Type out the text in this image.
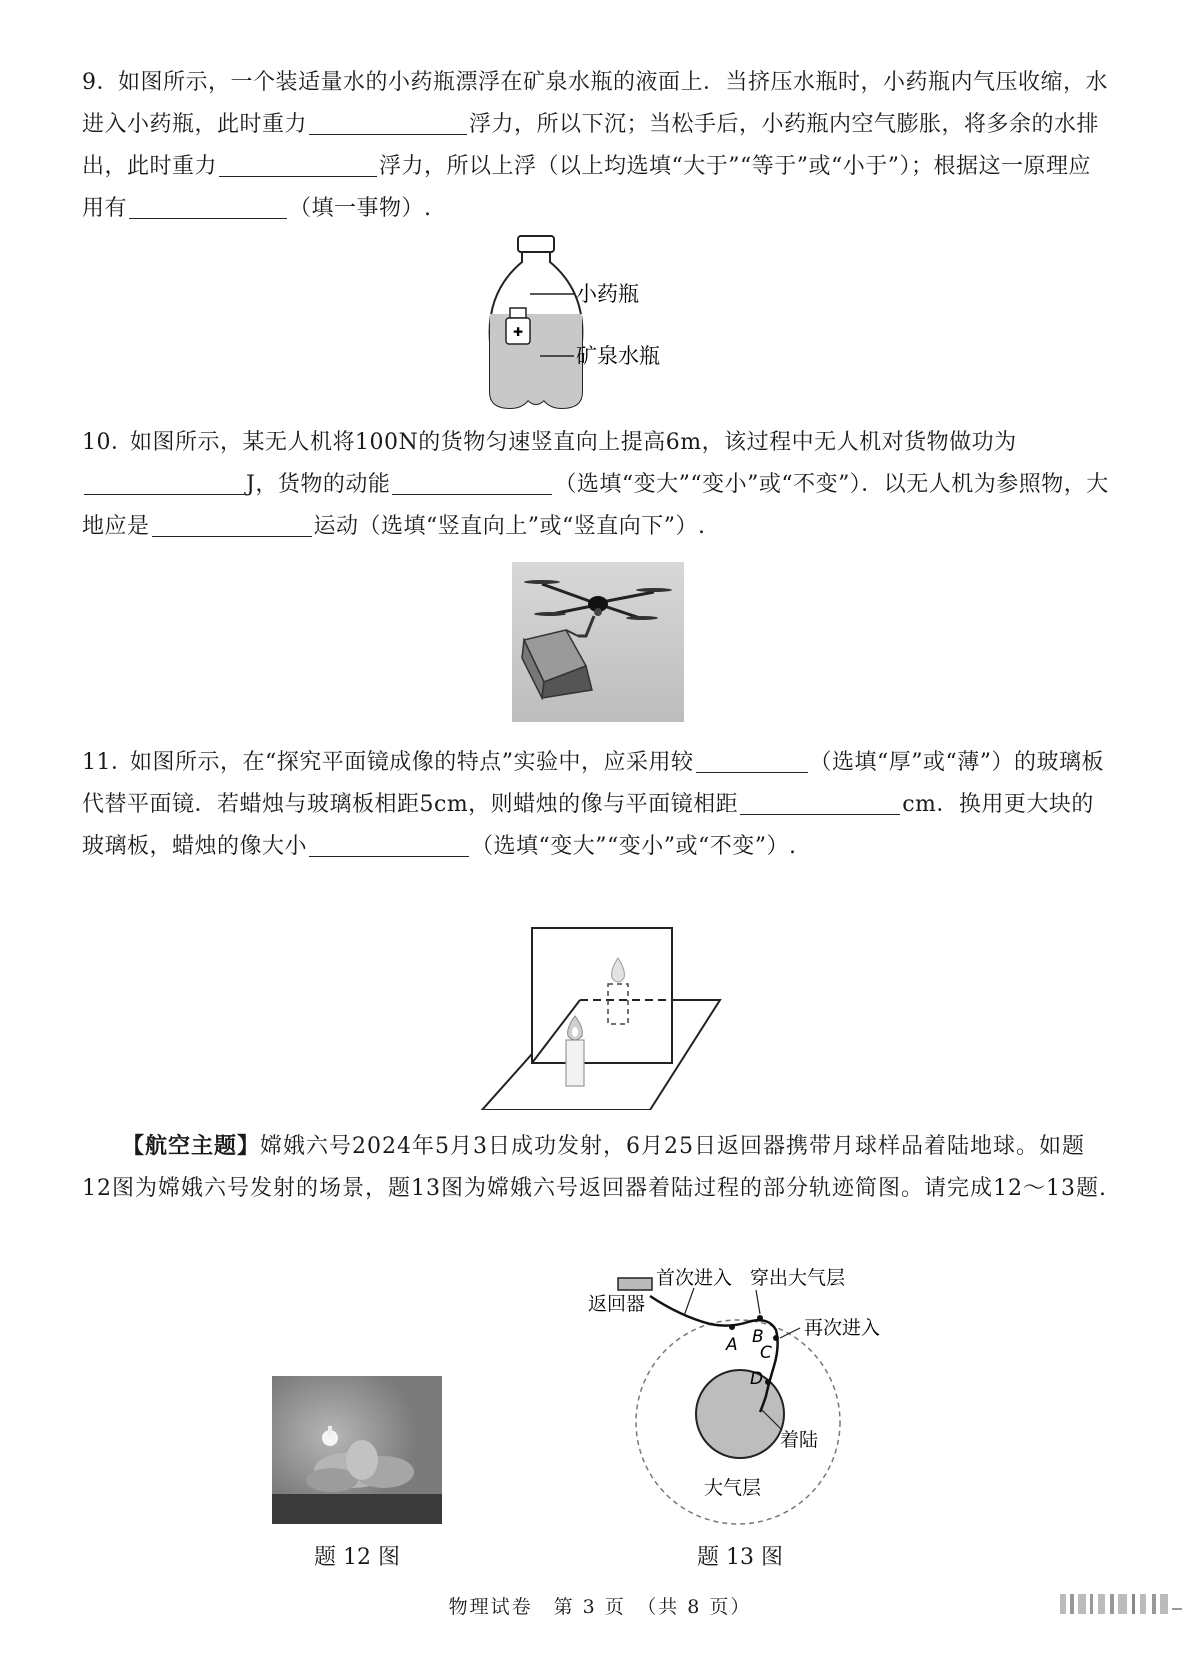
9．如图所示，一个装适量水的小药瓶漂浮在矿泉水瓶的液面上．当挤压水瓶时，小药瓶内气压收缩，水进入小药瓶，此时重力	浮力，所以下沉；当松手后，小药瓶内空气膨胀，将多余的水排出，此时重力	浮力，所以上浮（以上均选填“大于”“等于”或“小于”）；根据这一原理应用有	（填一事物）.

✚
小药瓶
矿泉水瓶

10．如图所示，某无人机将100N的货物匀速竖直向上提高6m，该过程中无人机对货物做功为J，货物的动能	（选填“变大”“变小”或“不变”）．以无人机为参照物，大地应是	运动（选填“竖直向上”或“竖直向下”）.

11．如图所示，在“探究平面镜成像的特点”实验中，应采用较	（选填“厚”或“薄”）的玻璃板代替平面镜．若蜡烛与玻璃板相距5cm，则蜡烛的像与平面镜相距	cm．换用更大块的玻璃板，蜡烛的像大小	（选填“变大”“变小”或“不变”）.

【航空主题】嫦娥六号2024年5月3日成功发射，6月25日返回器携带月球样品着陆地球。如题12图为嫦娥六号发射的场景，题13图为嫦娥六号返回器着陆过程的部分轨迹简图。请完成12～13题.

题 12 图
返回器
首次进入 穿出大气层
再次进入
着陆
大气层
A B
C
D
题 13 图
物理试卷　第 3 页　（共 8 页）
